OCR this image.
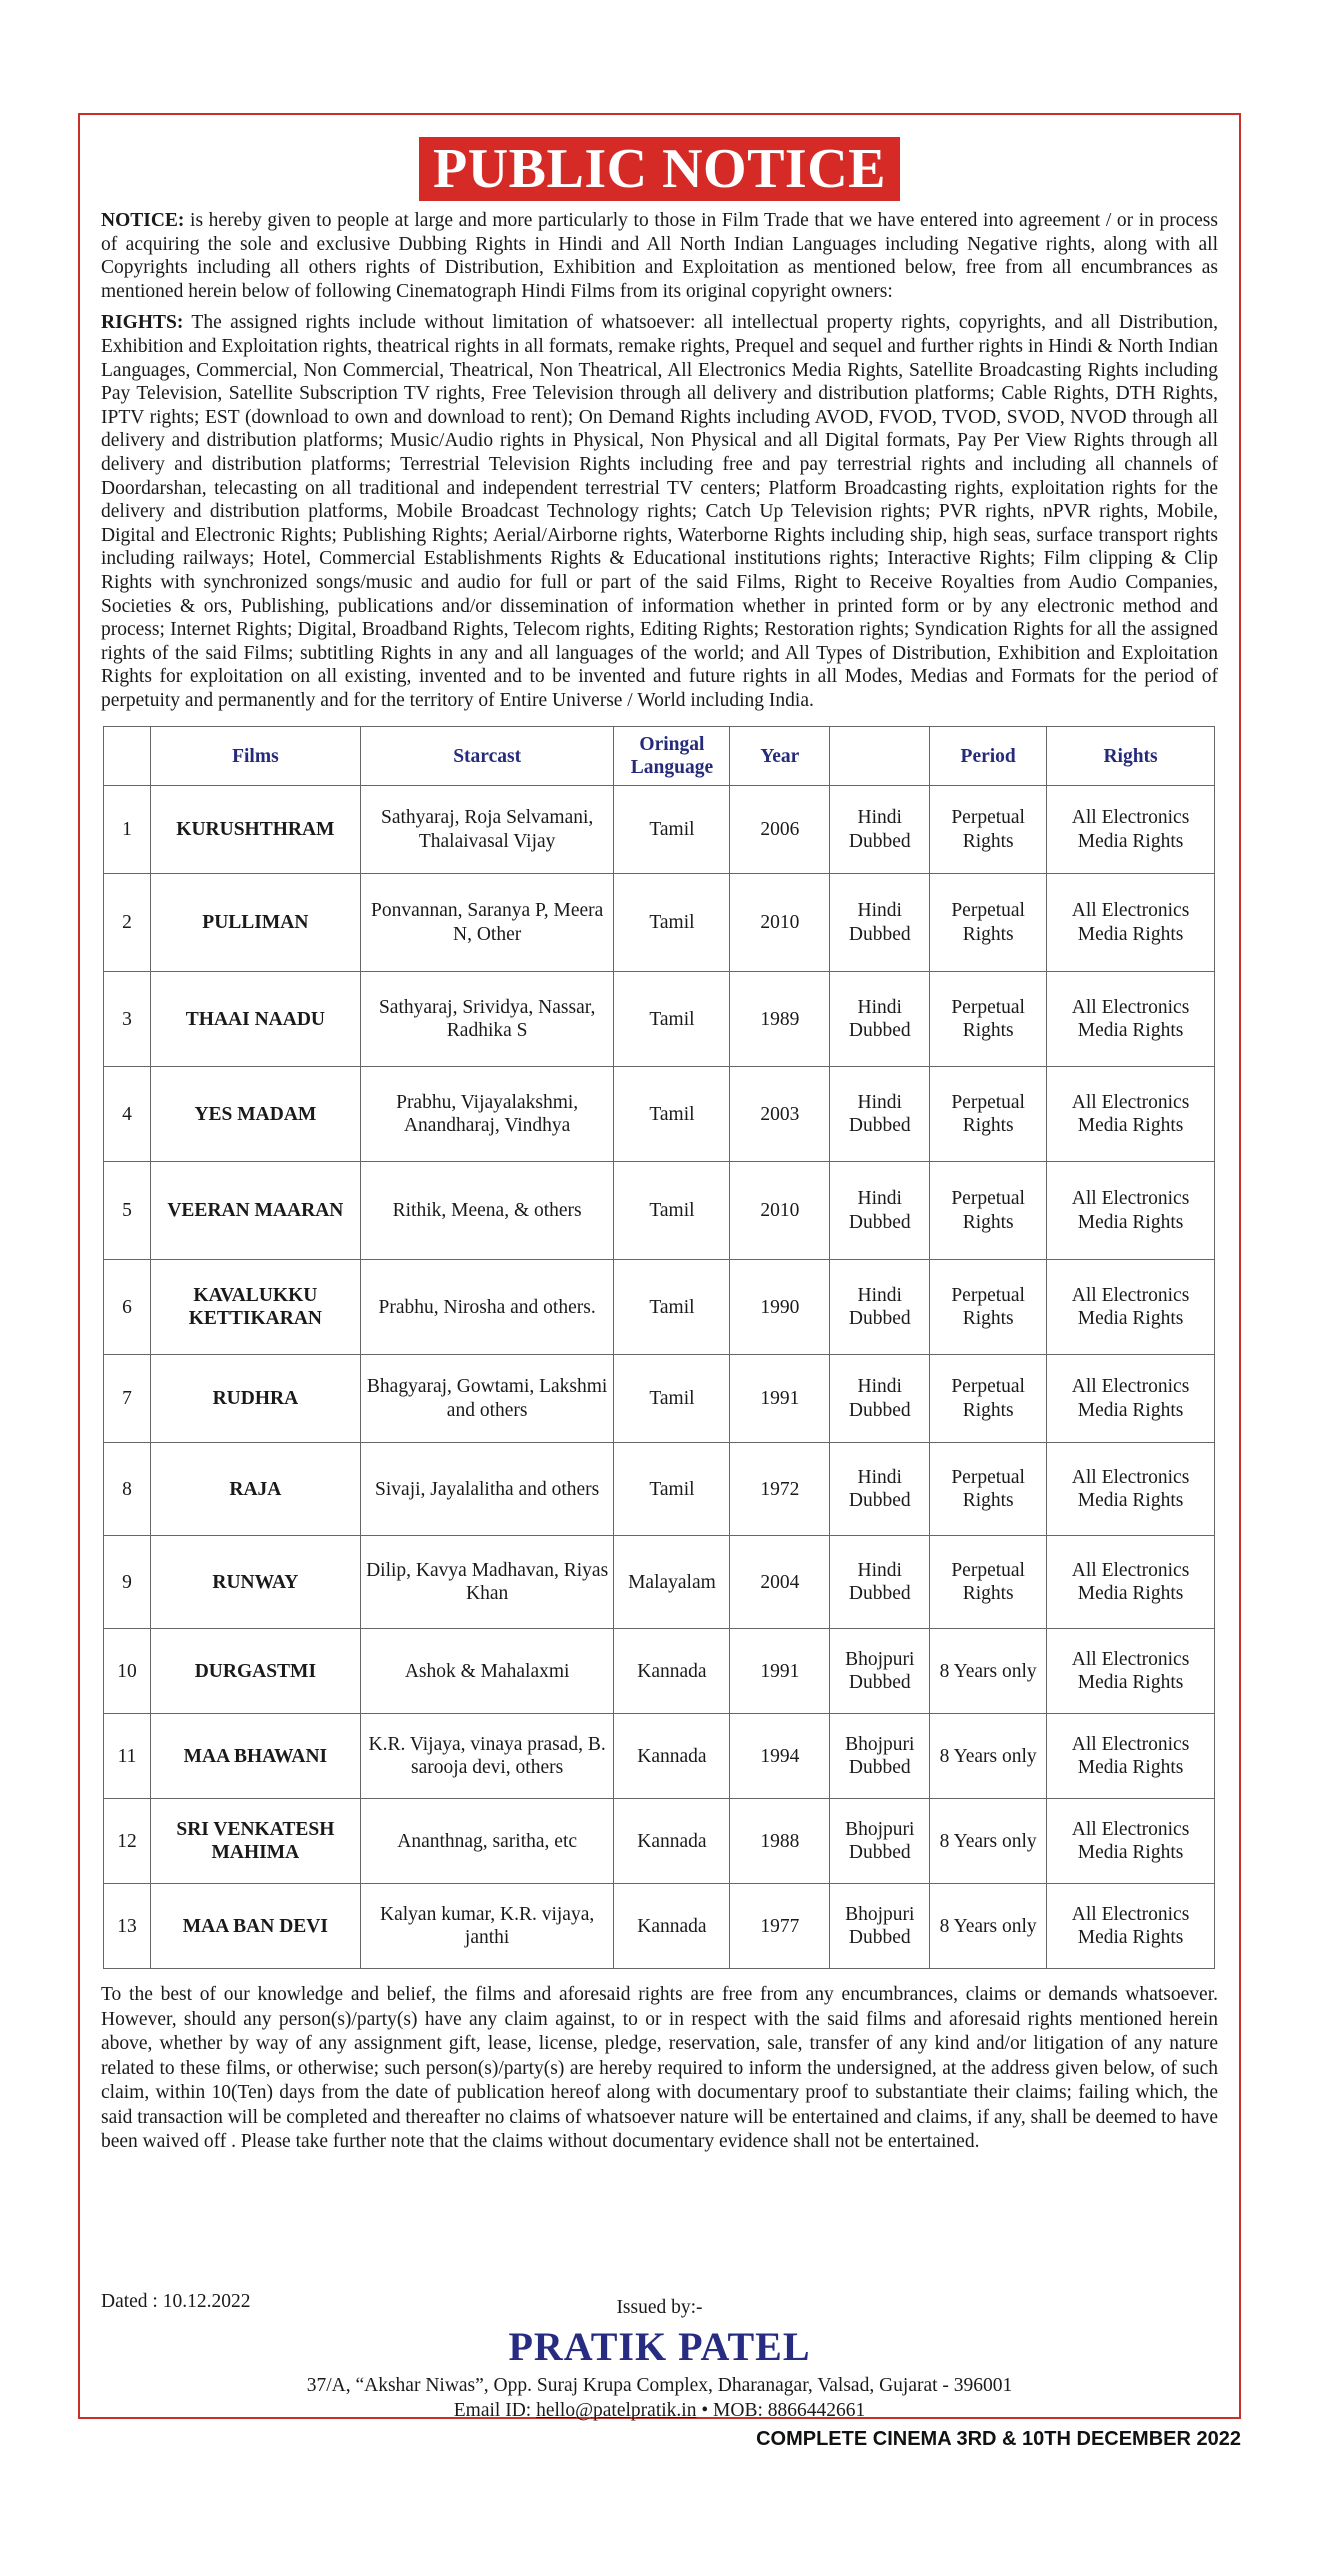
PUBLIC NOTICE

NOTICE: is hereby given to people at large and more particularly to those in Film Trade that we have entered into agreement / or in process of acquiring the sole and exclusive Dubbing Rights in Hindi and All North Indian Languages including Negative rights, along with all Copyrights including all others rights of Distribution, Exhibition and Exploitation as mentioned below, free from all encumbrances as mentioned herein below of following Cinematograph Hindi Films from its original copyright owners:

RIGHTS: The assigned rights include without limitation of whatsoever: all intellectual property rights, copyrights, and all Distribution, Exhibition and Exploitation rights, theatrical rights in all formats, remake rights, Prequel and sequel and further rights in Hindi & North Indian Languages, Commercial, Non Commercial, Theatrical, Non Theatrical, All Electronics Media Rights, Satellite Broadcasting Rights including Pay Television, Satellite Subscription TV rights, Free Television through all delivery and distribution platforms; Cable Rights, DTH Rights, IPTV rights; EST (download to own and download to rent); On Demand Rights including AVOD, FVOD, TVOD, SVOD, NVOD through all delivery and distribution platforms; Music/Audio rights in Physical, Non Physical and all Digital formats, Pay Per View Rights through all delivery and distribution platforms; Terrestrial Television Rights including free and pay terrestrial rights and including all channels of Doordarshan, telecasting on all traditional and independent terrestrial TV centers; Platform Broadcasting rights, exploitation rights for the delivery and distribution platforms, Mobile Broadcast Technology rights; Catch Up Television rights; PVR rights, nPVR rights, Mobile, Digital and Electronic Rights; Publishing Rights; Aerial/Airborne rights, Waterborne Rights including ship, high seas, surface transport rights including railways; Hotel, Commercial Establishments Rights & Educational institutions rights; Interactive Rights; Film clipping & Clip Rights with synchronized songs/music and audio for full or part of the said Films, Right to Receive Royalties from Audio Companies, Societies & ors, Publishing, publications and/or dissemination of information whether in printed form or by any electronic method and process; Internet Rights; Digital, Broadband Rights, Telecom rights, Editing Rights; Restoration rights; Syndication Rights for all the assigned rights of the said Films; subtitling Rights in any and all languages of the world; and All Types of Distribution, Exhibition and Exploitation Rights for exploitation on all existing, invented and to be invented and future rights in all Modes, Medias and Formats for the period of perpetuity and permanently and for the territory of Entire Universe / World including India.

	Films	Starcast	Oringal Language	Year		Period	Rights
1	KURUSHTHRAM	Sathyaraj, Roja Selvamani, Thalaivasal Vijay	Tamil	2006	Hindi Dubbed	Perpetual Rights	All Electronics Media Rights
2	PULLIMAN	Ponvannan, Saranya P, Meera N, Other	Tamil	2010	Hindi Dubbed	Perpetual Rights	All Electronics Media Rights
3	THAAI NAADU	Sathyaraj, Srividya, Nassar, Radhika S	Tamil	1989	Hindi Dubbed	Perpetual Rights	All Electronics Media Rights
4	YES MADAM	Prabhu, Vijayalakshmi, Anandharaj, Vindhya	Tamil	2003	Hindi Dubbed	Perpetual Rights	All Electronics Media Rights
5	VEERAN MAARAN	Rithik, Meena, & others	Tamil	2010	Hindi Dubbed	Perpetual Rights	All Electronics Media Rights
6	KAVALUKKU KETTIKARAN	Prabhu, Nirosha and others.	Tamil	1990	Hindi Dubbed	Perpetual Rights	All Electronics Media Rights
7	RUDHRA	Bhagyaraj, Gowtami, Lakshmi and others	Tamil	1991	Hindi Dubbed	Perpetual Rights	All Electronics Media Rights
8	RAJA	Sivaji, Jayalalitha and others	Tamil	1972	Hindi Dubbed	Perpetual Rights	All Electronics Media Rights
9	RUNWAY	Dilip, Kavya Madhavan, Riyas Khan	Malayalam	2004	Hindi Dubbed	Perpetual Rights	All Electronics Media Rights
10	DURGASTMI	Ashok & Mahalaxmi	Kannada	1991	Bhojpuri Dubbed	8 Years only	All Electronics Media Rights
11	MAA BHAWANI	K.R. Vijaya, vinaya prasad, B. sarooja devi, others	Kannada	1994	Bhojpuri Dubbed	8 Years only	All Electronics Media Rights
12	SRI VENKATESH MAHIMA	Ananthnag, saritha, etc	Kannada	1988	Bhojpuri Dubbed	8 Years only	All Electronics Media Rights
13	MAA BAN DEVI	Kalyan kumar, K.R. vijaya, janthi	Kannada	1977	Bhojpuri Dubbed	8 Years only	All Electronics Media Rights

To the best of our knowledge and belief, the films and aforesaid rights are free from any encumbrances, claims or demands whatsoever. However, should any person(s)/party(s) have any claim against, to or in respect with the said films and aforesaid rights mentioned herein above, whether by way of any assignment gift, lease, license, pledge, reservation, sale, transfer of any kind and/or litigation of any nature related to these films, or otherwise; such person(s)/party(s) are hereby required to inform the undersigned, at the address given below, of such claim, within 10(Ten) days from the date of publication hereof along with documentary proof to substantiate their claims; failing which, the said transaction will be completed and thereafter no claims of whatsoever nature will be entertained and claims, if any, shall be deemed to have been waived off . Please take further note that the claims without documentary evidence shall not be entertained.

Dated : 10.12.2022	Issued by:-
PRATIK PATEL
37/A, “Akshar Niwas”, Opp. Suraj Krupa Complex, Dharanagar, Valsad, Gujarat - 396001
Email ID: hello@patelpratik.in • MOB: 8866442661
COMPLETE CINEMA 3RD & 10TH DECEMBER 2022
